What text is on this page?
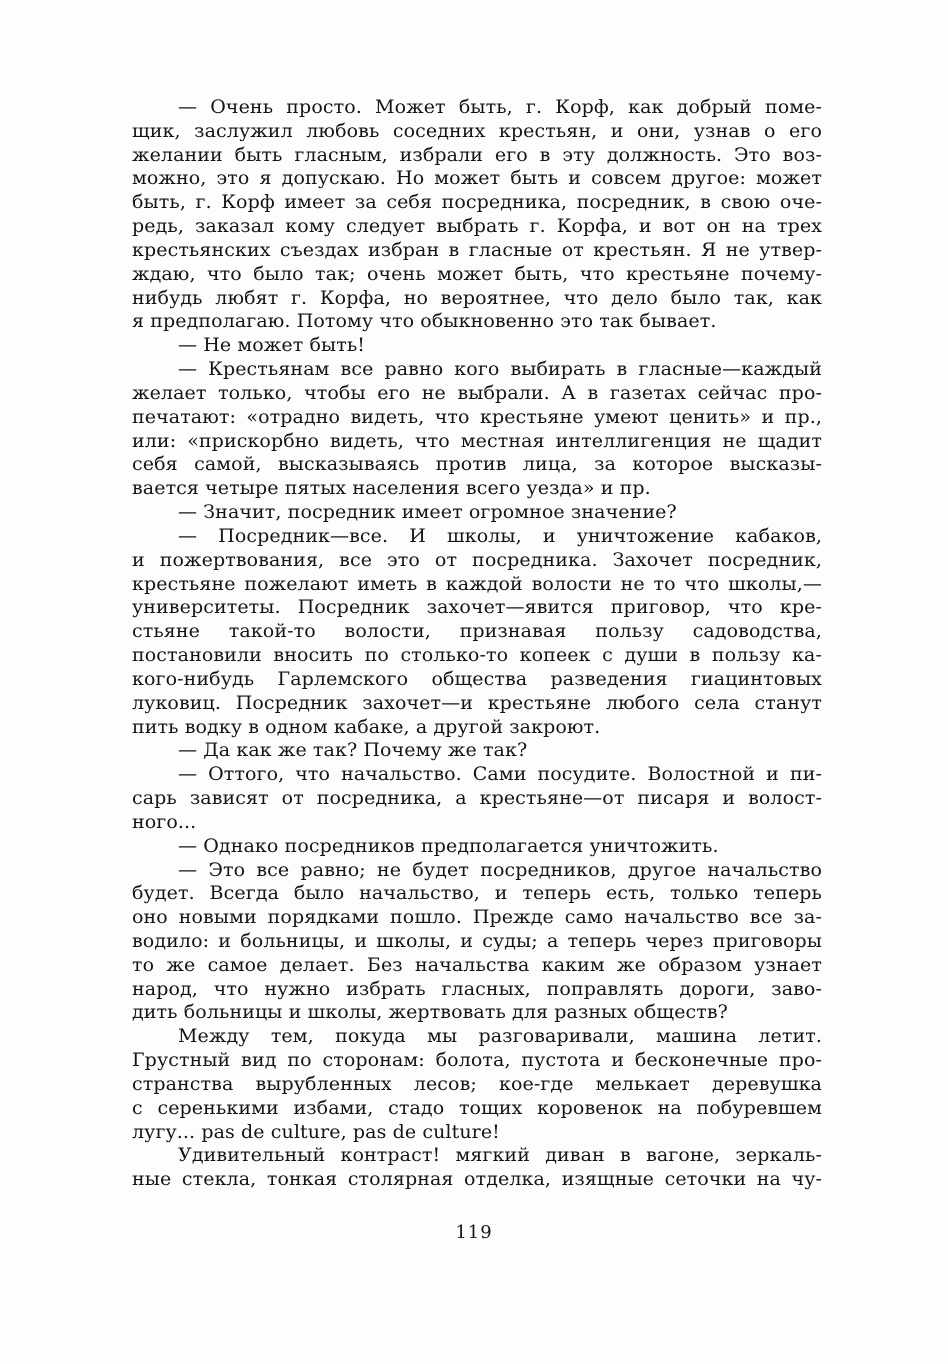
— Очень просто. Может быть, г. Корф, как добрый поме-
щик, заслужил любовь соседних крестьян, и они, узнав о его
желании быть гласным, избрали его в эту должность. Это воз-
можно, это я допускаю. Но может быть и совсем другое: может
быть, г. Корф имеет за себя посредника, посредник, в свою оче-
редь, заказал кому следует выбрать г. Корфа, и вот он на трех
крестьянских съездах избран в гласные от крестьян. Я не утвер-
ждаю, что было так; очень может быть, что крестьяне почему-
нибудь любят г. Корфа, но вероятнее, что дело было так, как
я предполагаю. Потому что обыкновенно это так бывает.
— Не может быть!
— Крестьянам все равно кого выбирать в гласные—каждый
желает только, чтобы его не выбрали. А в газетах сейчас про-
печатают: «отрадно видеть, что крестьяне умеют ценить» и пр.,
или: «прискорбно видеть, что местная интеллигенция не щадит
себя самой, высказываясь против лица, за которое высказы-
вается четыре пятых населения всего уезда» и пр.
— Значит, посредник имеет огромное значение?
— Посредник—все. И школы, и уничтожение кабаков,
и пожертвования, все это от посредника. Захочет посредник,
крестьяне пожелают иметь в каждой волости не то что школы,—
университеты. Посредник захочет—явится приговор, что кре-
стьяне такой-то волости, признавая пользу садоводства,
постановили вносить по столько-то копеек с души в пользу ка-
кого-нибудь Гарлемского общества разведения гиацинтовых
луковиц. Посредник захочет—и крестьяне любого села станут
пить водку в одном кабаке, а другой закроют.
— Да как же так? Почему же так?
— Оттого, что начальство. Сами посудите. Волостной и пи-
сарь зависят от посредника, а крестьяне—от писаря и волост-
ного...
— Однако посредников предполагается уничтожить.
— Это все равно; не будет посредников, другое начальство
будет. Всегда было начальство, и теперь есть, только теперь
оно новыми порядками пошло. Прежде само начальство все за-
водило: и больницы, и школы, и суды; а теперь через приговоры
то же самое делает. Без начальства каким же образом узнает
народ, что нужно избрать гласных, поправлять дороги, заво-
дить больницы и школы, жертвовать для разных обществ?
Между тем, покуда мы разговаривали, машина летит.
Грустный вид по сторонам: болота, пустота и бесконечные про-
странства вырубленных лесов; кое-где мелькает деревушка
с серенькими избами, стадо тощих коровенок на побуревшем
лугу... pas de culture, pas de culture!
Удивительный контраст! мягкий диван в вагоне, зеркаль-
ные стекла, тонкая столярная отделка, изящные сеточки на чу-
119
